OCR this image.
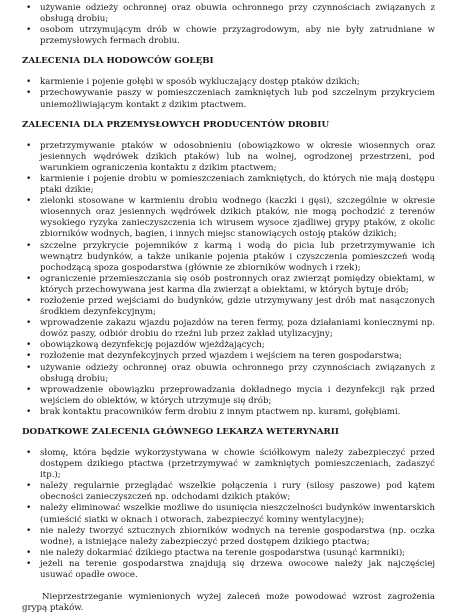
• używanie odzieży ochronnej oraz obuwia ochronnego przy czynnościach związanych z obsługą drobiu;
• osobom utrzymującym drób w chowie przyzagrodowym, aby nie były zatrudniane w przemysłowych fermach drobiu.
ZALECENIA DLA HODOWCÓW GOŁĘBI
• karmienie i pojenie gołębi w sposób wykluczający dostęp ptaków dzikich;
• przechowywanie paszy w pomieszczeniach zamkniętych lub pod szczelnym przykryciem uniemożliwiającym kontakt z dzikim ptactwem.
ZALECENIA DLA PRZEMYSŁOWYCH PRODUCENTÓW DROBIU
• przetrzymywanie ptaków w odosobnieniu (obowiązkowo w okresie wiosennych oraz jesiennych wędrówek dzikich ptaków) lub na wolnej, ogrodzonej przestrzeni, pod warunkiem ograniczenia kontaktu z dzikim ptactwem;
• karmienie i pojenie drobiu w pomieszczeniach zamkniętych, do których nie mają dostępu ptaki dzikie;
• zielonki stosowane w karmieniu drobiu wodnego (kaczki i gęsi), szczególnie w okresie wiosennych oraz jesiennych wędrówek dzikich ptaków, nie mogą pochodzić z terenów wysokiego ryzyka zanieczyszczenia ich wirusem wysoce zjadliwej grypy ptaków, z okolic zbiorników wodnych, bagien, i innych miejsc stanowiących ostoję ptaków dzikich;
• szczelne przykrycie pojemników z karmą i wodą do picia lub przetrzymywanie ich wewnątrz budynków, a także unikanie pojenia ptaków i czyszczenia pomieszczeń wodą pochodzącą spoza gospodarstwa (głównie ze zbiorników wodnych i rzek);
• ograniczenie przemieszczania się osób postronnych oraz zwierząt pomiędzy obiektami, w których przechowywana jest karma dla zwierząt a obiektami, w których bytuje drób;
• rozłożenie przed wejściami do budynków, gdzie utrzymywany jest drób mat nasączonych środkiem dezynfekcyjnym;
• wprowadzenie zakazu wjazdu pojazdów na teren fermy, poza działaniami koniecznymi np. dowóz paszy, odbiór drobiu do rzeźni lub przez zakład utylizacyjny;
• obowiązkową dezynfekcję pojazdów wjeżdżających;
• rozłożenie mat dezynfekcyjnych przed wjazdem i wejściem na teren gospodarstwa;
• używanie odzieży ochronnej oraz obuwia ochronnego przy czynnościach związanych z obsługą drobiu;
• wprowadzenie obowiązku przeprowadzania dokładnego mycia i dezynfekcji rąk przed wejściem do obiektów, w których utrzymuje się drób;
• brak kontaktu pracowników ferm drobiu z innym ptactwem np. kurami, gołębiami.
DODATKOWE ZALECENIA GŁÓWNEGO LEKARZA WETERYNARII
• słomę, która będzie wykorzystywana w chowie ściółkowym należy zabezpieczyć przed dostępem dzikiego ptactwa (przetrzymywać w zamkniętych pomieszczeniach, zadaszyć itp.);
• należy regularnie przeglądać wszelkie połączenia i rury (silosy paszowe) pod kątem obecności zanieczyszczeń np. odchodami dzikich ptaków;
• należy eliminować wszelkie możliwe do usunięcia nieszczelności budynków inwentarskich (umieścić siatki w oknach i otworach, zabezpieczyć kominy wentylacyjne);
• nie należy tworzyć sztucznych zbiorników wodnych na terenie gospodarstwa (np. oczka wodne), a istniejące należy zabezpieczyć przed dostępem dzikiego ptactwa;
• nie należy dokarmiać dzikiego ptactwa na terenie gospodarstwa (usunąć karmniki);
• jeżeli na terenie gospodarstwa znajdują się drzewa owocowe należy jak najczęściej usuwać opadłe owoce.

Nieprzestrzeganie wymienionych wyżej zaleceń może powodować wzrost zagrożenia grypą ptaków.
